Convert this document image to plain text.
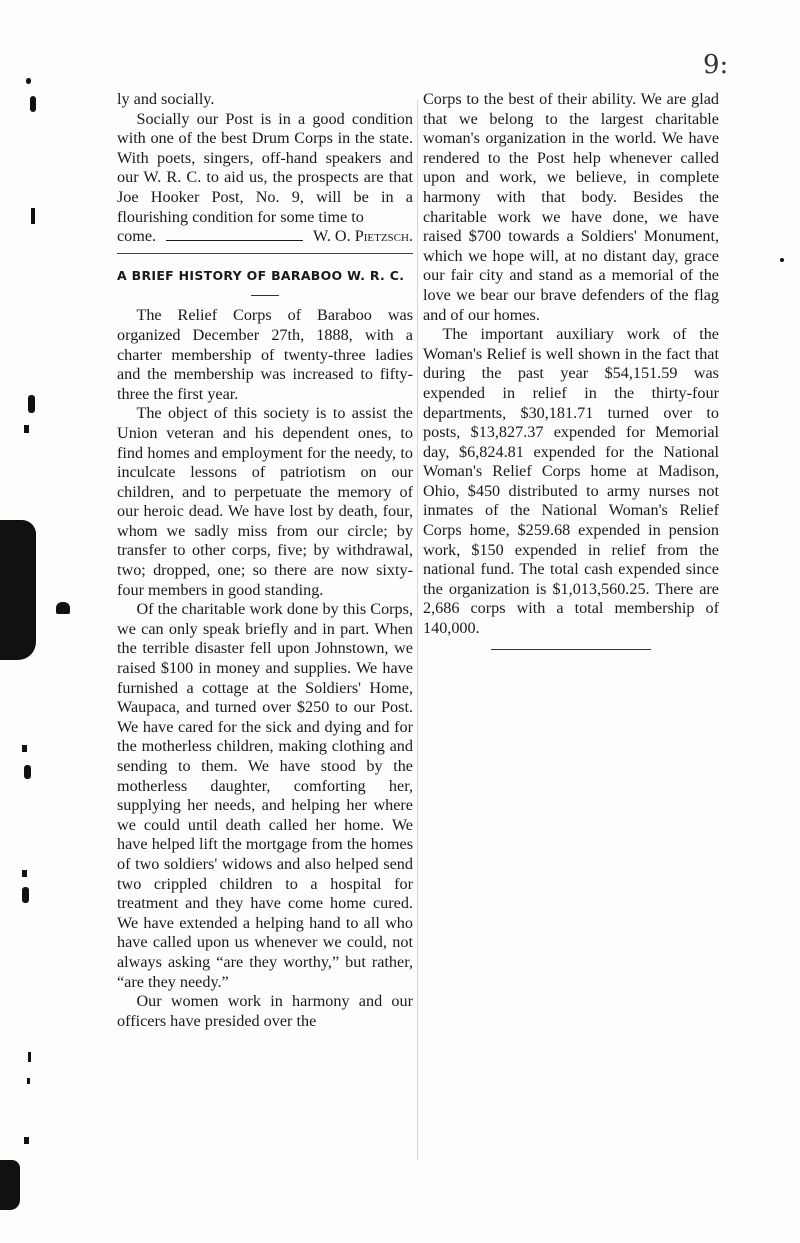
9:

ly and socially.

Socially our Post is in a good condition with one of the best Drum Corps in the state. With poets, singers, off-hand speakers and our W. R. C. to aid us, the prospects are that Joe Hooker Post, No. 9, will be in a flourishing condition for some time to

come.	W. O. Pietzsch.
A BRIEF HISTORY OF BARABOO W. R. C.

The Relief Corps of Baraboo was organized December 27th, 1888, with a charter membership of twenty-three ladies and the membership was increased to fifty-three the first year.

The object of this society is to assist the Union veteran and his dependent ones, to find homes and employment for the needy, to inculcate lessons of patriotism on our children, and to perpetuate the memory of our heroic dead. We have lost by death, four, whom we sadly miss from our circle; by transfer to other corps, five; by withdrawal, two; dropped, one; so there are now sixty-four members in good standing.

Of the charitable work done by this Corps, we can only speak briefly and in part. When the terrible disaster fell upon Johnstown, we raised $100 in money and supplies. We have furnished a cottage at the Soldiers' Home, Waupaca, and turned over $250 to our Post. We have cared for the sick and dying and for the motherless children, making clothing and sending to them. We have stood by the motherless daughter, comforting her, supplying her needs, and helping her where we could until death called her home. We have helped lift the mortgage from the homes of two soldiers' widows and also helped send two crippled children to a hospital for treatment and they have come home cured. We have extended a helping hand to all who have called upon us whenever we could, not always asking “are they worthy,” but rather, “are they needy.”

Our women work in harmony and our officers have presided over the

Corps to the best of their ability. We are glad that we belong to the largest charitable woman's organization in the world. We have rendered to the Post help whenever called upon and work, we believe, in complete harmony with that body. Besides the charitable work we have done, we have raised $700 towards a Soldiers' Monument, which we hope will, at no distant day, grace our fair city and stand as a memorial of the love we bear our brave defenders of the flag and of our homes.

The important auxiliary work of the Woman's Relief is well shown in the fact that during the past year $54,151.59 was expended in relief in the thirty-four departments, $30,181.71 turned over to posts, $13,827.37 expended for Memorial day, $6,824.81 expended for the National Woman's Relief Corps home at Madison, Ohio, $450 distributed to army nurses not inmates of the National Woman's Relief Corps home, $259.68 expended in pension work, $150 expended in relief from the national fund. The total cash expended since the organization is $1,013,560.25. There are 2,686 corps with a total membership of 140,000.
